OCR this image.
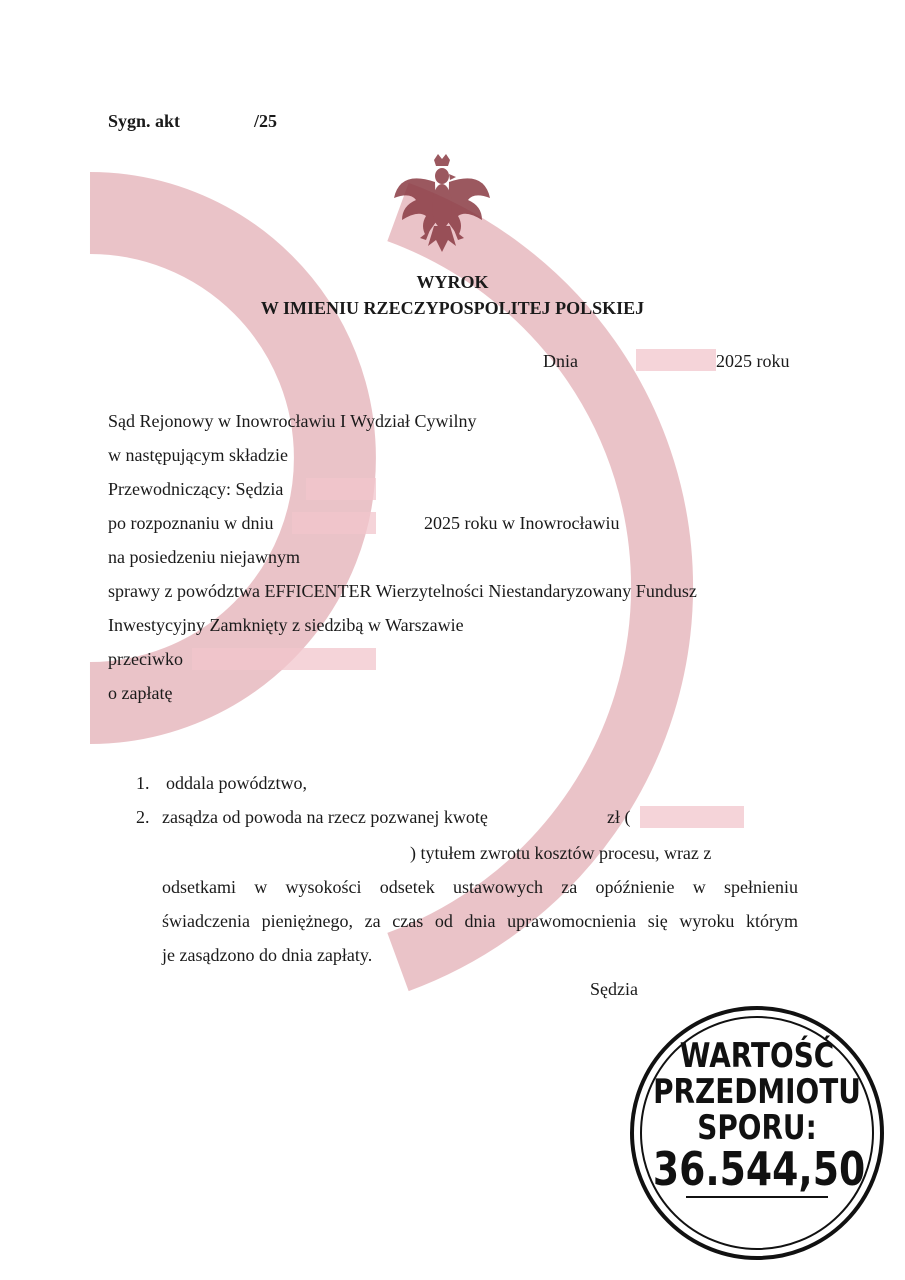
Sygn. akt	/25
WYROK
W IMIENIU RZECZYPOSPOLITEJ POLSKIEJ
Dnia	2025 roku
Sąd Rejonowy w Inowrocławiu I Wydział Cywilny
w następującym składzie
Przewodniczący: Sędzia
po rozpoznaniu w dniu	2025 roku w Inowrocławiu
na posiedzeniu niejawnym
sprawy z powództwa EFFICENTER Wierzytelności Niestandaryzowany Fundusz
Inwestycyjny Zamknięty z siedzibą w Warszawie
przeciwko
o zapłatę
1. oddala powództwo,
2. zasądza od powoda na rzecz pozwanej kwotę	zł (
) tytułem zwrotu kosztów procesu, wraz z
odsetkami w wysokości odsetek ustawowych za opóźnienie w spełnieniu
świadczenia pieniężnego, za czas od dnia uprawomocnienia się wyroku którym
je zasądzono do dnia zapłaty.
Sędzia
WARTOŚĆ
PRZEDMIOTU
SPORU:
36.544,50
